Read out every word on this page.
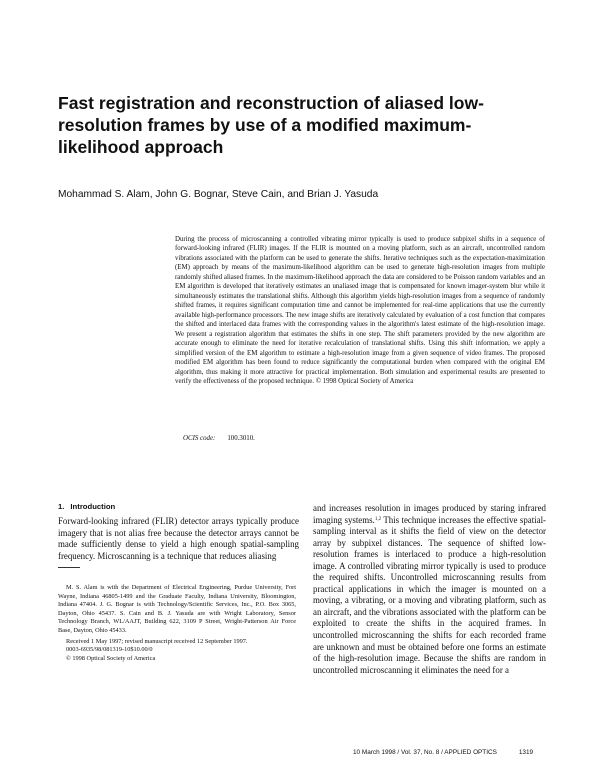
Fast registration and reconstruction of aliased low-resolution frames by use of a modified maximum-likelihood approach

Mohammad S. Alam, John G. Bognar, Steve Cain, and Brian J. Yasuda

During the process of microscanning a controlled vibrating mirror typically is used to produce subpixel shifts in a sequence of forward-looking infrared (FLIR) images. If the FLIR is mounted on a moving platform, such as an aircraft, uncontrolled random vibrations associated with the platform can be used to generate the shifts. Iterative techniques such as the expectation-maximization (EM) approach by means of the maximum-likelihood algorithm can be used to generate high-resolution images from multiple randomly shifted aliased frames. In the maximum-likelihood approach the data are considered to be Poisson random variables and an EM algorithm is developed that iteratively estimates an unaliased image that is compensated for known imager-system blur while it simultaneously estimates the translational shifts. Although this algorithm yields high-resolution images from a sequence of randomly shifted frames, it requires significant computation time and cannot be implemented for real-time applications that use the currently available high-performance processors. The new image shifts are iteratively calculated by evaluation of a cost function that compares the shifted and interlaced data frames with the corresponding values in the algorithm's latest estimate of the high-resolution image. We present a registration algorithm that estimates the shifts in one step. The shift parameters provided by the new algorithm are accurate enough to eliminate the need for iterative recalculation of translational shifts. Using this shift information, we apply a simplified version of the EM algorithm to estimate a high-resolution image from a given sequence of video frames. The proposed modified EM algorithm has been found to reduce significantly the computational burden when compared with the original EM algorithm, thus making it more attractive for practical implementation. Both simulation and experimental results are presented to verify the effectiveness of the proposed technique. © 1998 Optical Society of America

OCIS code: 100.3010.

1. Introduction

Forward-looking infrared (FLIR) detector arrays typically produce imagery that is not alias free because the detector arrays cannot be made sufficiently dense to yield a high enough spatial-sampling frequency. Microscanning is a technique that reduces aliasing

and increases resolution in images produced by staring infrared imaging systems.$^{1,2}$ This technique increases the effective spatial-sampling interval as it shifts the field of view on the detector array by subpixel distances. The sequence of shifted low-resolution frames is interlaced to produce a high-resolution image. A controlled vibrating mirror typically is used to produce the required shifts. Uncontrolled microscanning results from practical applications in which the imager is mounted on a moving, a vibrating, or a moving and vibrating platform, such as an aircraft, and the vibrations associated with the platform can be exploited to create the shifts in the acquired frames. In uncontrolled microscanning the shifts for each recorded frame are unknown and must be obtained before one forms an estimate of the high-resolution image. Because the shifts are random in uncontrolled microscanning it eliminates the need for a

M. S. Alam is with the Department of Electrical Engineering, Purdue University, Fort Wayne, Indiana 46805-1499 and the Graduate Faculty, Indiana University, Bloomington, Indiana 47404. J. G. Bognar is with Technology/Scientific Services, Inc., P.O. Box 3065, Dayton, Ohio 45437. S. Cain and B. J. Yasuda are with Wright Laboratory, Sensor Technology Branch, WL/AAJT, Building 622, 3109 P Street, Wright-Patterson Air Force Base, Dayton, Ohio 45433.

Received 1 May 1997; revised manuscript received 12 September 1997.

0003-6935/98/081319-10$10.00/0

© 1998 Optical Society of America

10 March 1998 / Vol. 37, No. 8 / APPLIED OPTICS	1319
